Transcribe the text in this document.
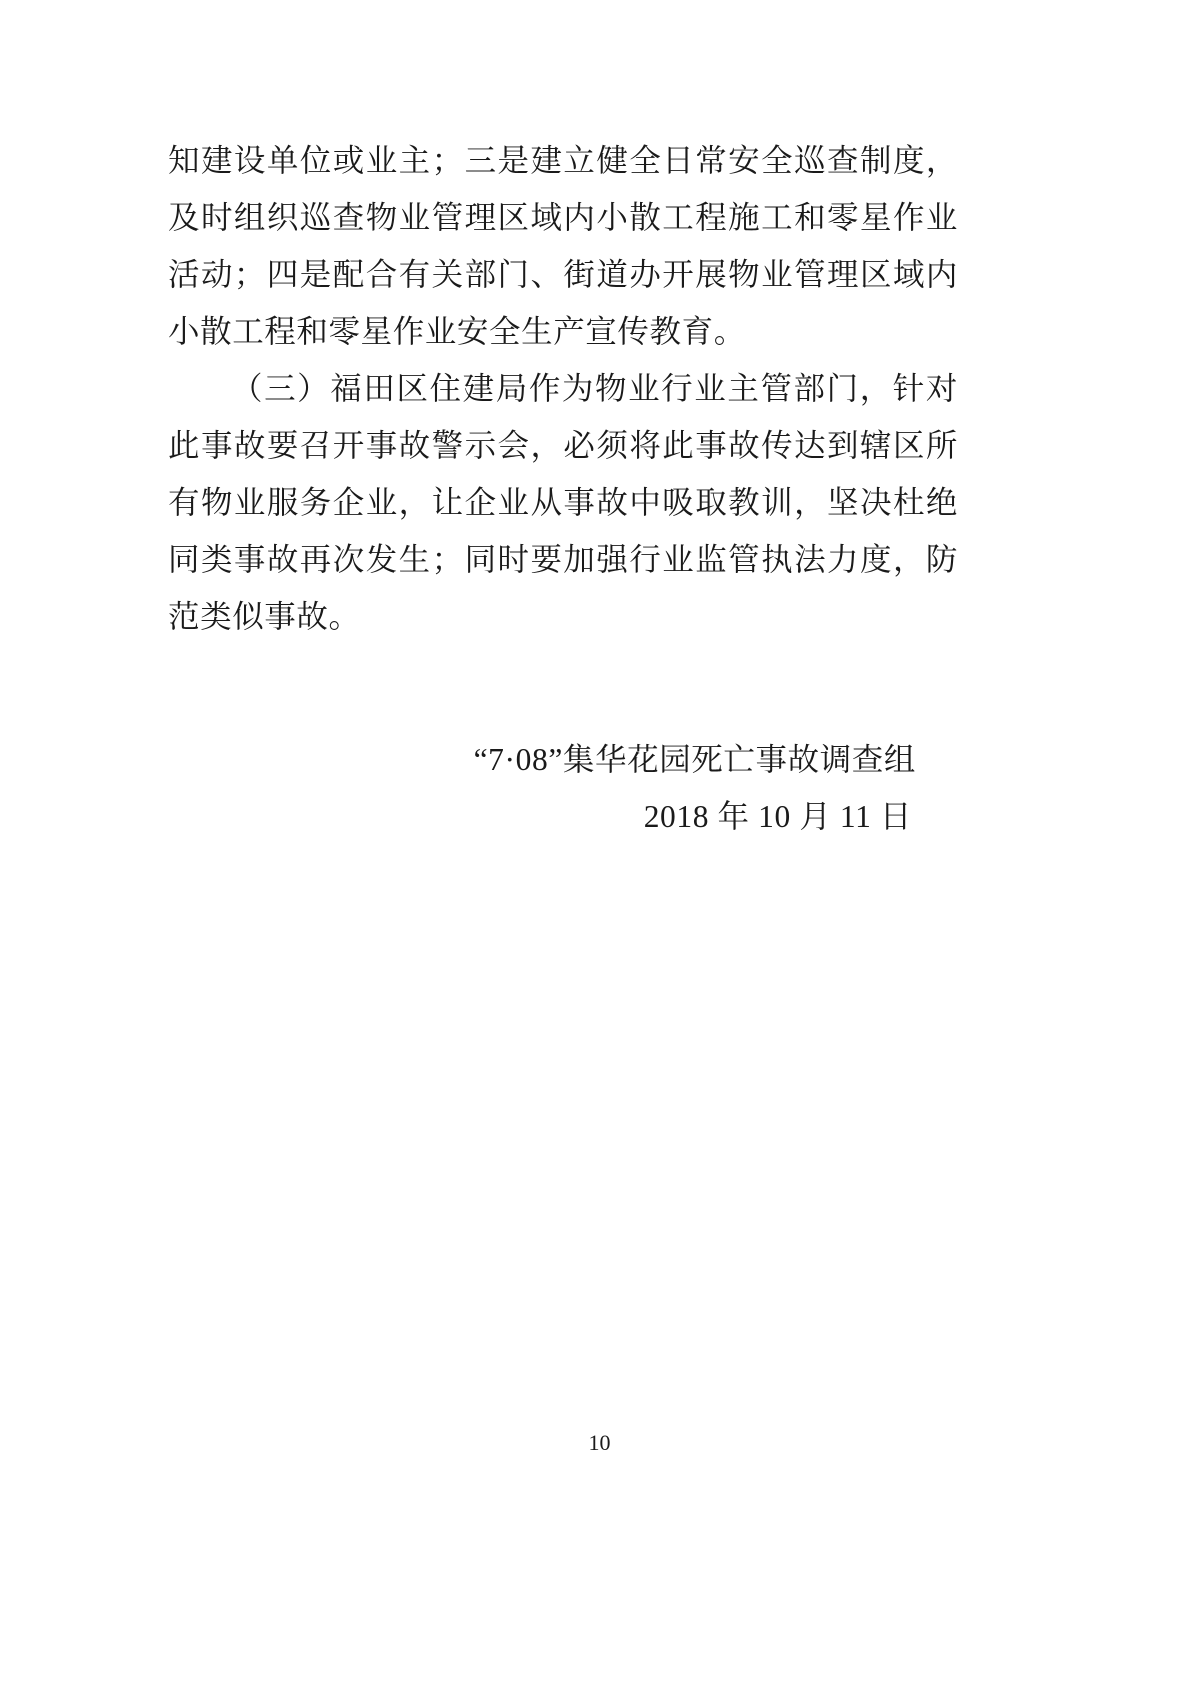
知建设单位或业主；三是建立健全日常安全巡查制度，及时组织巡查物业管理区域内小散工程施工和零星作业活动；四是配合有关部门、街道办开展物业管理区域内小散工程和零星作业安全生产宣传教育。

（三）福田区住建局作为物业行业主管部门，针对此事故要召开事故警示会，必须将此事故传达到辖区所有物业服务企业，让企业从事故中吸取教训，坚决杜绝同类事故再次发生；同时要加强行业监管执法力度，防范类似事故。

“7·08”集华花园死亡事故调查组
2018 年 10 月 11 日
10
